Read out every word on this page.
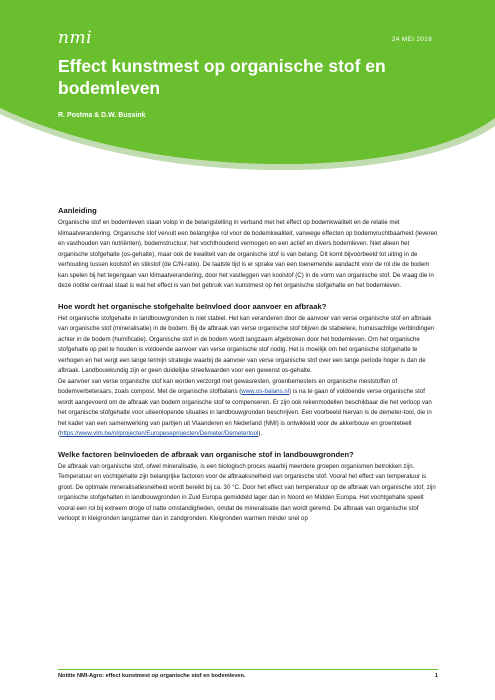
nmi	24 MEI 2019
Effect kunstmest op organische stof en bodemleven
R. Postma & D.W. Bussink
Aanleiding

Organische stof en bodemleven staan volop in de belangstelling in verband met het effect op bodemkwaliteit en de relatie met klimaatverandering. Organische stof vervult een belangrijke rol voor de bodemkwaliteit, vanwege effecten op bodemvruchtbaarheid (leveren en vasthouden van nutriënten), bodemstructuur, het vochthoudend vermogen en een actief en divers bodemleven. Niet alleen het organische stofgehalte (os-gehalte), maar ook de kwaliteit van de organische stof is van belang. Dit komt bijvoorbeeld tot uiting in de verhouding tussen koolstof en stikstof (de C/N-ratio). De laatste tijd is er sprake van een toenemende aandacht voor de rol die de bodem kan spelen bij het tegengaan van klimaatverandering, door het vastleggen van koolstof (C) in de vorm van organische stof. De vraag die in deze notitie centraal staat is wat het effect is van het gebruik van kunstmest op het organische stofgehalte en het bodemleven.

Hoe wordt het organische stofgehalte beïnvloed door aanvoer en afbraak?

Het organische stofgehalte in landbouwgronden is niet stabiel. Het kan veranderen door de aanvoer van verse organische stof en afbraak van organische stof (mineralisatie) in de bodem. Bij de afbraak van verse organische stof blijven de stabielere, humusachtige verbindingen achter in de bodem (humificatie). Organische stof in de bodem wordt langzaam afgebroken door het bodemleven. Om het organische stofgehalte op peil te houden is voldoende aanvoer van verse organische stof nodig. Het is moeilijk om het organische stofgehalte te verhogen en het vergt een lange termijn strategie waarbij de aanvoer van verse organische stof over een lange periode hoger is dan de afbraak. Landbouwkundig zijn er geen duidelijke streefwaarden voor een gewenst os-gehalte.

De aanvoer van verse organische stof kan worden verzorgd met gewasresten, groenbemesters en organische meststoffen of bodemverbeteraars, zoals compost. Met de organische stofbalans (www.os-balans.nl) is na te gaan of voldoende verse organische stof wordt aangevoerd om de afbraak van bodem organische stof te compenseren. Er zijn ook rekenmodellen beschikbaar die het verloop van het organische stofgehalte voor uiteenlopende situaties in landbouwgronden beschrijven. Een voorbeeld hiervan is de demeter-tool, die in het kader van een samenwerking van partijen uit Vlaanderen en Nederland (NMI) is ontwikkeld voor de akkerbouw en groenteteelt (https://www.vlm.be/nl/projecten/Europeseprojecten/Demeter/Demetertool).

Welke factoren beïnvloeden de afbraak van organische stof in landbouwgronden?

De afbraak van organische stof, ofwel mineralisatie, is een biologisch proces waarbij meerdere groepen organismen betrokken zijn. Temperatuur en vochtgehalte zijn belangrijke factoren voor de afbraaksnelheid van organische stof. Vooral het effect van temperatuur is groot. De optimale mineralisatiesnelheid wordt bereikt bij ca. 30 °C. Door het effect van temperatuur op de afbraak van organische stof, zijn organische stofgehalten in landbouwgronden in Zuid Europa gemiddeld lager dan in Noord en Midden Europa. Het vochtgehalte speelt vooral een rol bij extreem droge of natte omstandigheden, omdat de mineralisatie dan wordt geremd. De afbraak van organische stof verloopt in kleigronden langzamer dan in zandgronden. Kleigronden warmen minder snel op

Notitie NMI-Agro: effect kunstmest op organische stof en bodemleven.	1
